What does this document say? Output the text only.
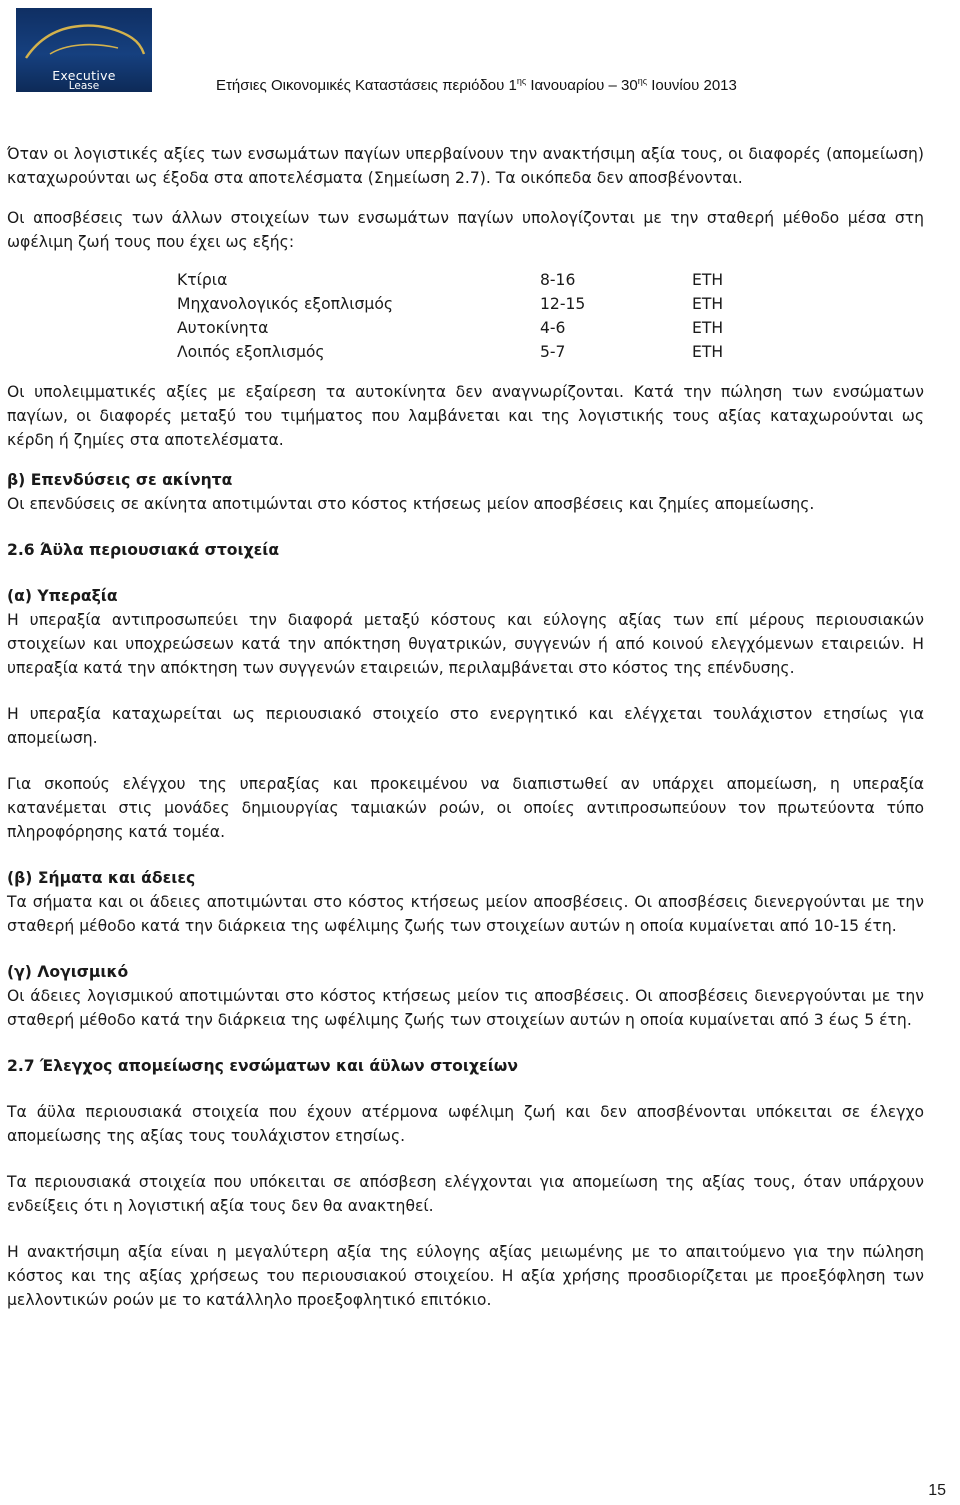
Executive
Lease	Ετήσιες Οικονομικές Καταστάσεις περιόδου $1^{\eta\varsigma}$ Ιανουαρίου – $30^{\eta\varsigma}$ Ιουνίου 2013

Όταν οι λογιστικές αξίες των ενσωμάτων παγίων υπερβαίνουν την ανακτήσιμη αξία τους, οι διαφορές (απομείωση) καταχωρούνται ως έξοδα στα αποτελέσματα (Σημείωση 2.7). Τα οικόπεδα δεν αποσβένονται.

Οι αποσβέσεις των άλλων στοιχείων των ενσωμάτων παγίων υπολογίζονται με την σταθερή μέθοδο μέσα στη ωφέλιμη ζωή τους που έχει ως εξής:

Κτίρια	8-16	ΕΤΗ
Μηχανολογικός εξοπλισμός	12-15	ΕΤΗ
Αυτοκίνητα	4-6	ΕΤΗ
Λοιπός εξοπλισμός	5-7	ΕΤΗ

Οι υπολειμματικές αξίες με εξαίρεση τα αυτοκίνητα δεν αναγνωρίζονται. Κατά την πώληση των ενσώματων παγίων, οι διαφορές μεταξύ του τιμήματος που λαμβάνεται και της λογιστικής τους αξίας καταχωρούνται ως κέρδη ή ζημίες στα αποτελέσματα.

β) Επενδύσεις σε ακίνητα

Οι επενδύσεις σε ακίνητα αποτιμώνται στο κόστος κτήσεως μείον αποσβέσεις και ζημίες απομείωσης.

2.6 Άϋλα περιουσιακά στοιχεία
(α) Υπεραξία

Η υπεραξία αντιπροσωπεύει την διαφορά μεταξύ κόστους και εύλογης αξίας των επί μέρους περιουσιακών στοιχείων και υποχρεώσεων κατά την απόκτηση θυγατρικών, συγγενών ή από κοινού ελεγχόμενων εταιρειών. Η υπεραξία κατά την απόκτηση των συγγενών εταιρειών, περιλαμβάνεται στο κόστος της επένδυσης.

Η υπεραξία καταχωρείται ως περιουσιακό στοιχείο στο ενεργητικό και ελέγχεται τουλάχιστον ετησίως για απομείωση.

Για σκοπούς ελέγχου της υπεραξίας και προκειμένου να διαπιστωθεί αν υπάρχει απομείωση, η υπεραξία κατανέμεται στις μονάδες δημιουργίας ταμιακών ροών, οι οποίες αντιπροσωπεύουν τον πρωτεύοντα τύπο πληροφόρησης κατά τομέα.

(β) Σήματα και άδειες

Τα σήματα και οι άδειες αποτιμώνται στο κόστος κτήσεως μείον αποσβέσεις. Οι αποσβέσεις διενεργούνται με την σταθερή μέθοδο κατά την διάρκεια της ωφέλιμης ζωής των στοιχείων αυτών η οποία κυμαίνεται από 10-15 έτη.

(γ) Λογισμικό

Οι άδειες λογισμικού αποτιμώνται στο κόστος κτήσεως μείον τις αποσβέσεις. Οι αποσβέσεις διενεργούνται με την σταθερή μέθοδο κατά την διάρκεια της ωφέλιμης ζωής των στοιχείων αυτών η οποία κυμαίνεται από 3 έως 5 έτη.

2.7 Έλεγχος απομείωσης ενσώματων και άϋλων στοιχείων

Τα άϋλα περιουσιακά στοιχεία που έχουν ατέρμονα ωφέλιμη ζωή και δεν αποσβένονται υπόκειται σε έλεγχο απομείωσης της αξίας τους τουλάχιστον ετησίως.

Τα περιουσιακά στοιχεία που υπόκειται σε απόσβεση ελέγχονται για απομείωση της αξίας τους, όταν υπάρχουν ενδείξεις ότι η λογιστική αξία τους δεν θα ανακτηθεί.

Η ανακτήσιμη αξία είναι η μεγαλύτερη αξία της εύλογης αξίας μειωμένης με το απαιτούμενο για την πώληση κόστος και της αξίας χρήσεως του περιουσιακού στοιχείου. Η αξία χρήσης προσδιορίζεται με προεξόφληση των μελλοντικών ροών με το κατάλληλο προεξοφλητικό επιτόκιο.

15
